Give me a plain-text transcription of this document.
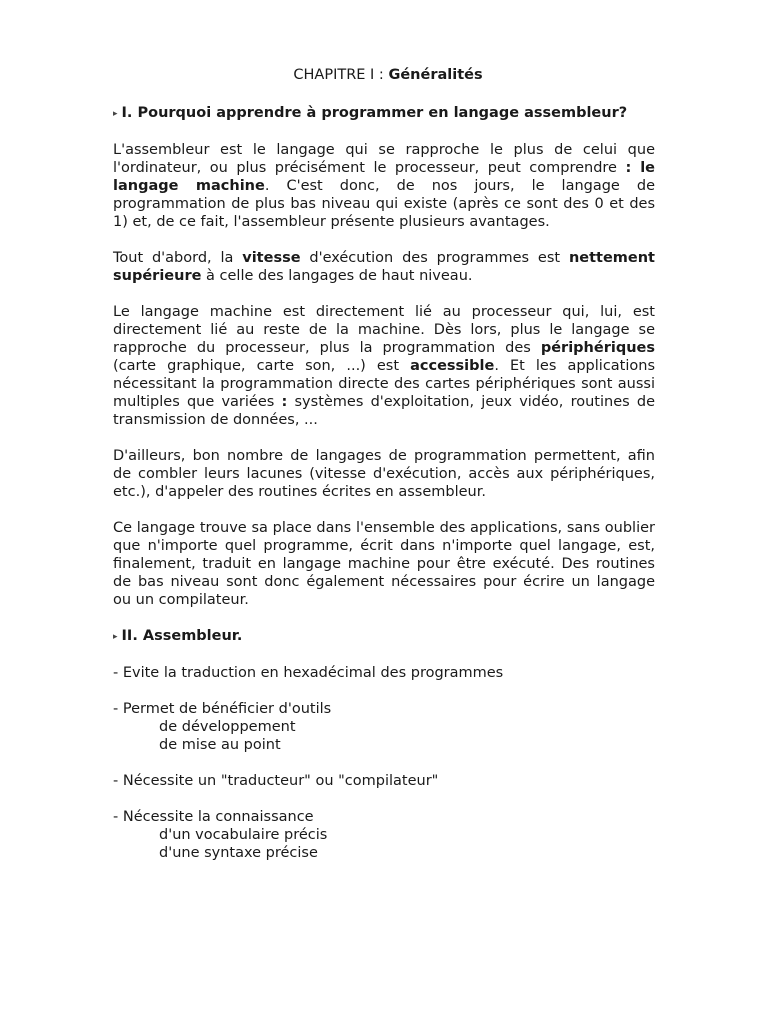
CHAPITRE I : Généralités
▸ I. Pourquoi apprendre à programmer en langage assembleur?

L'assembleur est le langage qui se rapproche le plus de celui que l'ordinateur, ou plus précisément le processeur, peut comprendre : le langage machine. C'est donc, de nos jours, le langage de programmation de plus bas niveau qui existe (après ce sont des 0 et des 1) et, de ce fait, l'assembleur présente plusieurs avantages.

Tout d'abord, la vitesse d'exécution des programmes est nettement supérieure à celle des langages de haut niveau.

Le langage machine est directement lié au processeur qui, lui, est directement lié au reste de la machine. Dès lors, plus le langage se rapproche du processeur, plus la programmation des périphériques (carte graphique, carte son, ...) est accessible. Et les applications nécessitant la programmation directe des cartes périphériques sont aussi multiples que variées : systèmes d'exploitation, jeux vidéo, routines de transmission de données, ...

D'ailleurs, bon nombre de langages de programmation permettent, afin de combler leurs lacunes (vitesse d'exécution, accès aux périphériques, etc.), d'appeler des routines écrites en assembleur.

Ce langage trouve sa place dans l'ensemble des applications, sans oublier que n'importe quel programme, écrit dans n'importe quel langage, est, finalement, traduit en langage machine pour être exécuté. Des routines de bas niveau sont donc également nécessaires pour écrire un langage ou un compilateur.

▸ II. Assembleur.
- Evite la traduction en hexadécimal des programmes
- Permet de bénéficier d'outils
de développement
de mise au point
- Nécessite un "traducteur" ou "compilateur"
- Nécessite la connaissance
d'un vocabulaire précis
d'une syntaxe précise
